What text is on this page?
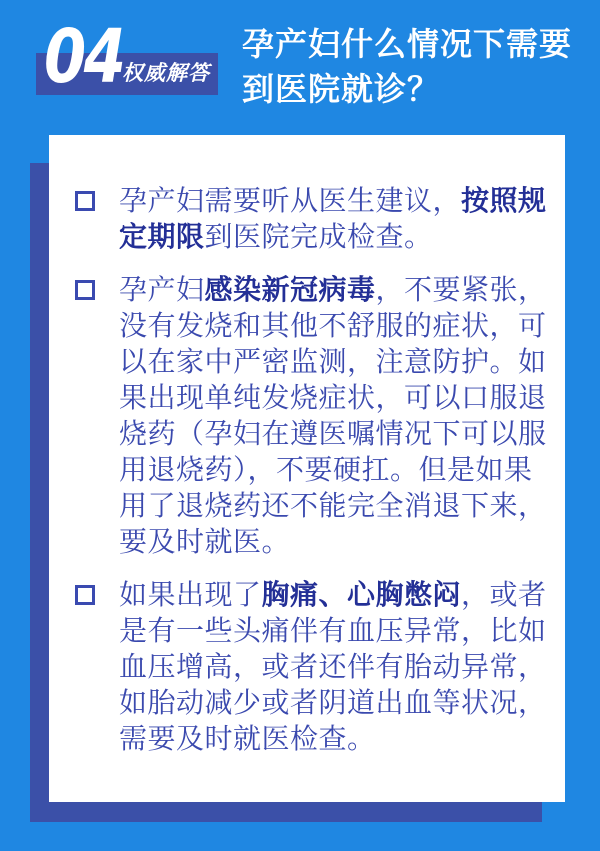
04
权威解答
孕产妇什么情况下需要
到医院就诊？

孕产妇需要听从医生建议，按照规定期限到医院完成检查。

孕产妇感染新冠病毒，不要紧张，没有发烧和其他不舒服的症状，可以在家中严密监测，注意防护。如果出现单纯发烧症状，可以口服退烧药（孕妇在遵医嘱情况下可以服用退烧药），不要硬扛。但是如果用了退烧药还不能完全消退下来，要及时就医。

如果出现了胸痛、心胸憋闷，或者是有一些头痛伴有血压异常，比如血压增高，或者还伴有胎动异常，如胎动减少或者阴道出血等状况，需要及时就医检查。
